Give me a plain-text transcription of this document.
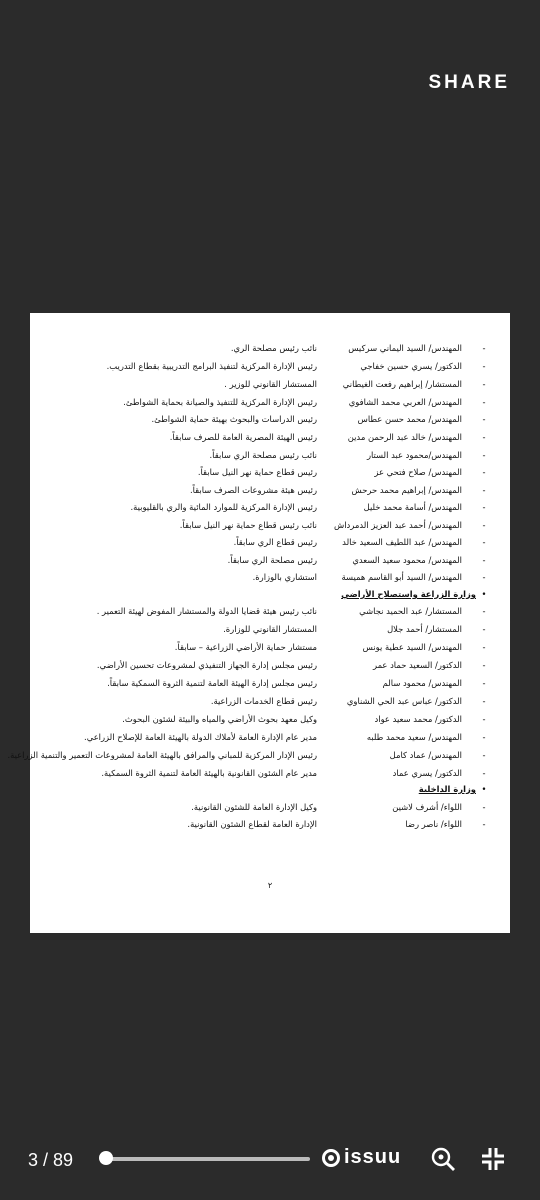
SHARE
-
المهندس/ السيد اليماني سركيس
نائب رئيس مصلحة الري.
-
الدكتور/ يسري حسين خفاجي
رئيس الإدارة المركزية لتنفيذ البرامج التدريبية بقطاع التدريب.
-
المستشار/ إبراهيم رفعت الغيطاني
المستشار القانوني للوزير .
-
المهندس/ العربي محمد الشافوي
رئيس الإدارة المركزية للتنفيذ والصيانة بحماية الشواطئ.
-
المهندس/ محمد حسن عطاس
رئيس الدراسات والبحوث بهيئة حماية الشواطئ.
-
المهندس/ خالد عبد الرحمن مدين
رئيس الهيئة المصرية العامة للصرف سابقاً.
-
المهندس/محمود عبد الستار
نائب رئيس مصلحة الري سابقاً.
-
المهندس/ صلاح فتحي عز
رئيس قطاع حماية نهر النيل سابقاً.
-
المهندس/ إبراهيم محمد حرحش
رئيس هيئة مشروعات الصرف سابقاً.
-
المهندس/ أسامة محمد خليل
رئيس الإدارة المركزية للموارد المائية والري بالقليوبية.
-
المهندس/ أحمد عبد العزيز الدمرداش
نائب رئيس قطاع حماية نهر النيل سابقاً.
-
المهندس/ عبد اللطيف السعيد خالد
رئيس قطاع الري سابقاً.
-
المهندس/ محمود سعيد السعدي
رئيس مصلحة الري سابقاً.
-
المهندس/ السيد أبو القاسم هميسة
استشاري بالوزارة.
•
وزارة الزراعة واستصلاح الأراضي
-
المستشار/ عبد الحميد نجاشي
نائب رئيس هيئة قضايا الدولة والمستشار المفوض لهيئة التعمير .
-
المستشار/ أحمد جلال
المستشار القانوني للوزارة.
-
المهندس/ السيد عطية يونس
مستشار حماية الأراضي الزراعية – سابقاً.
-
الدكتور/ السعيد حماد عمر
رئيس مجلس إدارة الجهاز التنفيذي لمشروعات تحسين الأراضي.
-
المهندس/ محمود سالم
رئيس مجلس إدارة الهيئة العامة لتنمية الثروة السمكية سابقاً.
-
الدكتور/ عباس عبد الحي الشناوي
رئيس قطاع الخدمات الزراعية.
-
الدكتور/ محمد سعيد عواد
وكيل معهد بحوث الأراضي والمياه والبيئة لشئون البحوث.
-
المهندس/ سعيد محمد طلبه
مدير عام الإدارة العامة لأملاك الدولة بالهيئة العامة للإصلاح الزراعي.
-
المهندس/ عماد كامل
رئيس الإدار المركزية للمباني والمرافق بالهيئة العامة لمشروعات التعمير والتنمية الزراعية.
-
الدكتور/ يسري عماد
مدير عام الشئون القانونية بالهيئة العامة لتنمية الثروة السمكية.
•
وزارة الداخلية
-
اللواء/ أشرف لاشين
وكيل الإدارة العامة للشئون القانونية.
-
اللواء/ ناصر رضا
الإدارة العامة لقطاع الشئون القانونية.
٢
3 / 89	issuu
